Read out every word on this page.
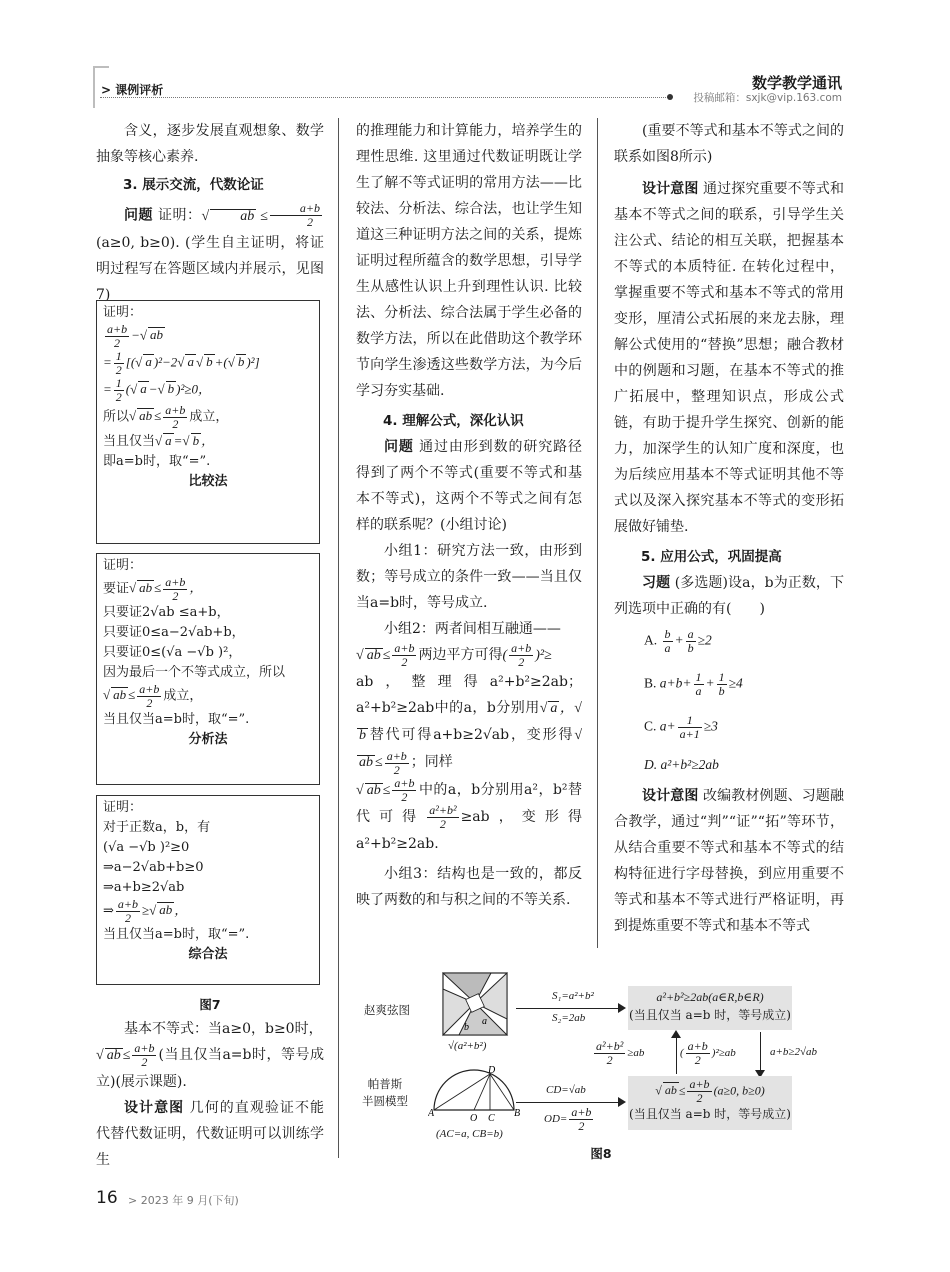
> 课例评析	数学教学通讯
投稿邮箱：sxjk@vip.163.com

含义，逐步发展直观想象、数学抽象等核心素养.

3. 展示交流，代数论证

问题 证明：√ ab ≤ $\frac{a+b}{2}$
(a≥0, b≥0). (学生自主证明，将证明过程写在答题区域内并展示，见图7)

证明：

$\frac{a+b}{2}$ −√ ab

= $\frac{1}{2}$ [(√ a )²−2√ a √ b +(√ b )²]

= $\frac{1}{2}$ (√ a −√ b )²≥0，

所以√ ab ≤ $\frac{a+b}{2}$ 成立，

当且仅当√ a =√ b ，

即a=b时，取“=”.

比较法

证明：

要证√ ab ≤ $\frac{a+b}{2}$ ，

只要证2√ab ≤a+b，

只要证0≤a−2√ab+b，

只要证0≤(√a −√b )²，

因为最后一个不等式成立，所以

√ ab ≤ $\frac{a+b}{2}$ 成立，

当且仅当a=b时，取“=”.

分析法

证明：

对于正数a，b，有

(√a −√b )²≥0

⇒a−2√ab+b≥0

⇒a+b≥2√ab

⇒ $\frac{a+b}{2}$ ≥√ ab ，

当且仅当a=b时，取“=”.

综合法

图7

基本不等式：当a≥0，b≥0时，

√ ab ≤ $\frac{a+b}{2}$ (当且仅当a=b时，等号成立)(展示课题).

设计意图 几何的直观验证不能代替代数证明，代数证明可以训练学生

的推理能力和计算能力，培养学生的理性思维. 这里通过代数证明既让学生了解不等式证明的常用方法——比较法、分析法、综合法，也让学生知道这三种证明方法之间的关系，提炼证明过程所蕴含的数学思想，引导学生从感性认识上升到理性认识. 比较法、分析法、综合法属于学生必备的数学方法，所以在此借助这个教学环节向学生渗透这些数学方法，为今后学习夯实基础.

4. 理解公式，深化认识

问题 通过由形到数的研究路径得到了两个不等式(重要不等式和基本不等式)，这两个不等式之间有怎样的联系呢？(小组讨论)

小组1：研究方法一致，由形到数；等号成立的条件一致——当且仅当a=b时，等号成立.

小组2：两者间相互融通——

√ ab ≤ $\frac{a+b}{2}$ 两边平方可得( $\frac{a+b}{2} )^2\ge$

ab，整理得a²+b²≥2ab；a²+b²≥2ab中的a，b分别用√ a ，√b 替代可得a+b≥2√ab，变形得$√ab \le \frac{a+b}{2}$ ；同样

√ ab ≤ $\frac{a+b}{2}$ 中的a，b分别用a²，b²替代可得 $\frac{\text{a²+b²}}{2} \ge ab$，变形得a²+b²≥2ab.

小组3：结构也是一致的，都反映了两数的和与积之间的不等关系.

(重要不等式和基本不等式之间的联系如图8所示)

设计意图 通过探究重要不等式和基本不等式之间的联系，引导学生关注公式、结论的相互关联，把握基本不等式的本质特征. 在转化过程中，掌握重要不等式和基本不等式的常用变形，厘清公式拓展的来龙去脉，理解公式使用的“替换”思想；融合教材中的例题和习题，在基本不等式的推广拓展中，整理知识点，形成公式链，有助于提升学生探究、创新的能力，加深学生的认知广度和深度，也为后续应用基本不等式证明其他不等式以及深入探究基本不等式的变形拓展做好铺垫.

5. 应用公式，巩固提高

习题 (多选题)设a，b为正数，下列选项中正确的有(　　)

A. $\frac{b}{a} + \frac{a}{b} \ge 2$

B. $a+b+ \frac{1}{a} + \frac{1}{b} \ge 4$

C. $a+ \frac{1}{a+1} \ge 3$

D. a²+b²≥2ab

设计意图 改编教材例题、习题融合教学，通过“判”“证”“拓”等环节，从结合重要不等式和基本不等式的结构特征进行字母替换，到应用重要不等式和基本不等式进行严格证明，再到提炼重要不等式和基本不等式

赵爽弦图
帕普斯
半圆模型
b
a
√(a²+b²)
A	B
O C
D
(AC=a, CB=b)
S₁=a²+b²
S₂=2ab
a²+b²≥2ab(a∈R,b∈R)
(当且仅当 a=b 时，等号成立)
$\frac{\text{a²+b²}}{2} \ge ab$	( $\frac{a+b}{2} )^2\ge ab$	a+b≥2√ab
CD=√ab
$OD= \frac{a+b}{2}$
√ ab ≤ $\frac{a+b}{2} (a\ge 0$, b≥0)
(当且仅当 a=b 时，等号成立)
图8
16 > 2023 年 9 月(下旬)
